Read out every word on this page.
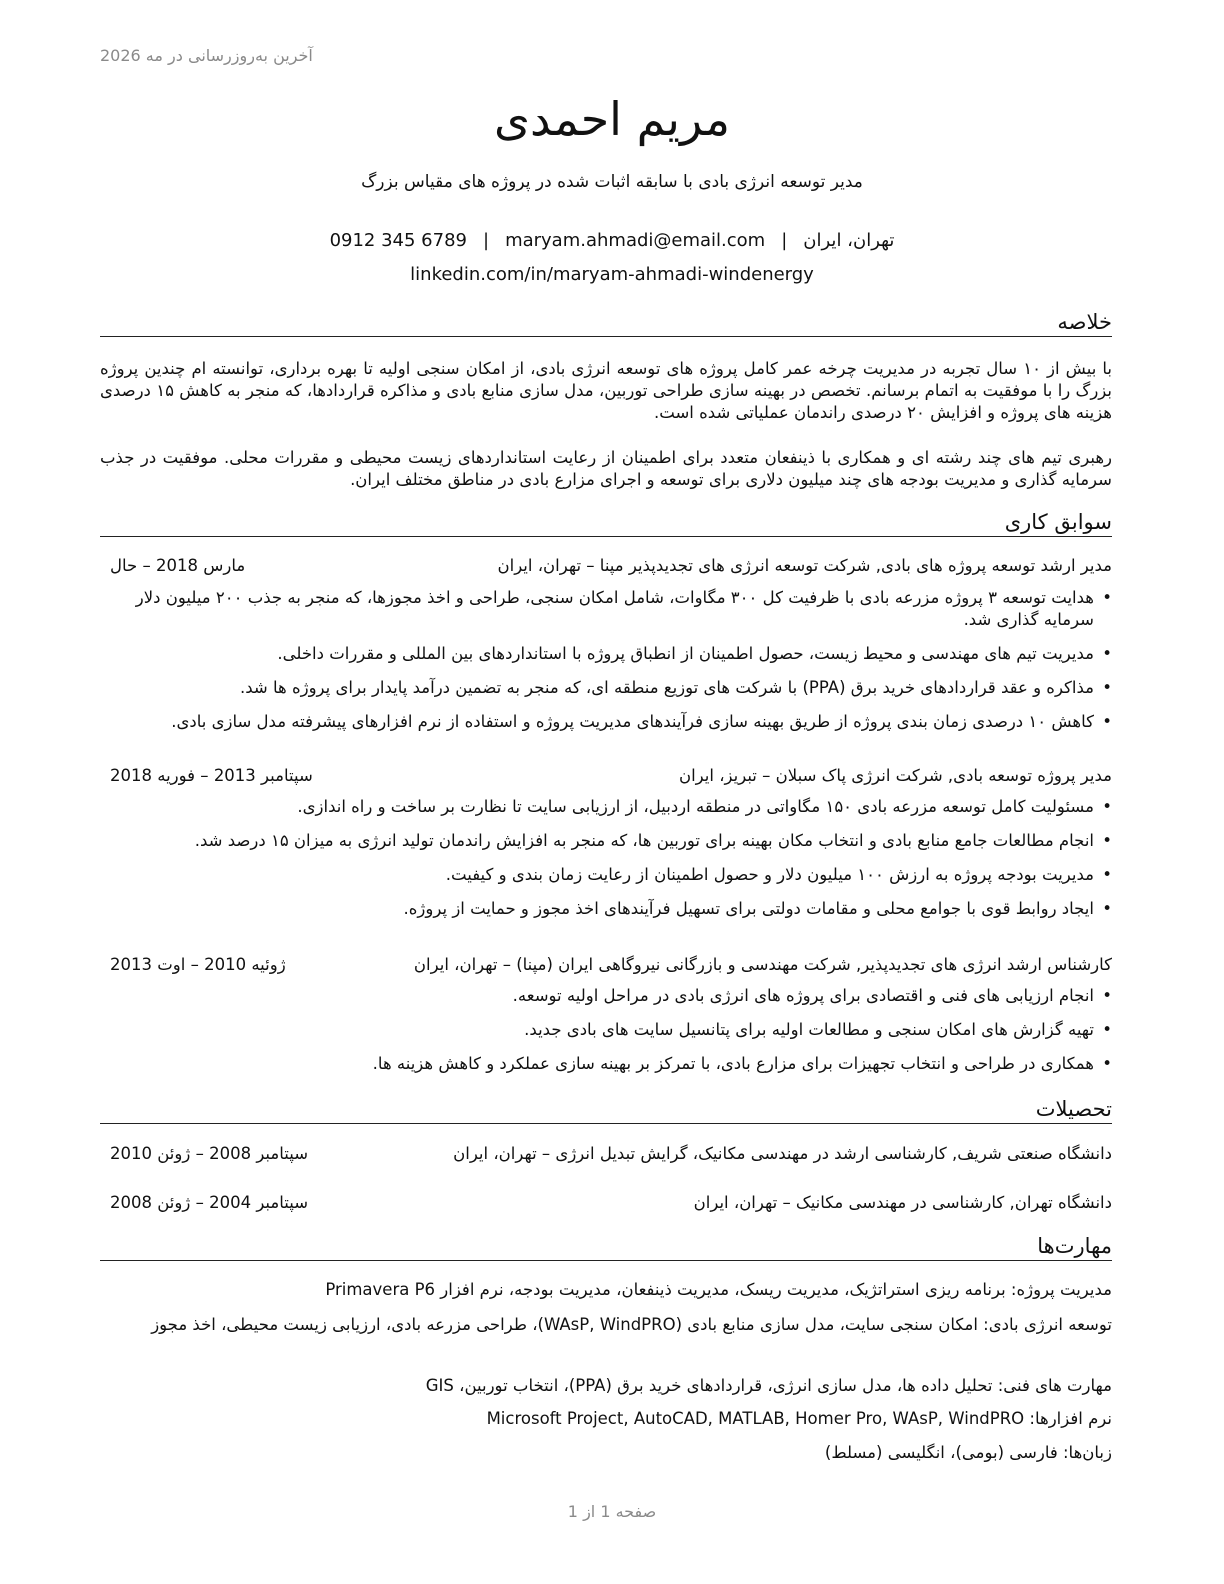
آخرین به‌روزرسانی در مه 2026
مریم احمدی
مدیر توسعه انرژی بادی با سابقه اثبات شده در پروژه های مقیاس بزرگ
تهران، ایران|maryam.ahmadi@email.com|0912 345 6789
linkedin.com/in/maryam-ahmadi-windenergy
خلاصه
با بیش از ۱۰ سال تجربه در مدیریت چرخه عمر کامل پروژه های توسعه انرژی بادی، از امکان سنجی اولیه تا بهره برداری، توانسته ام چندین پروژه بزرگ را با موفقیت به اتمام برسانم. تخصص در بهینه سازی طراحی توربین، مدل سازی منابع بادی و مذاکره قراردادها، که منجر به کاهش ۱۵ درصدی هزینه های پروژه و افزایش ۲۰ درصدی راندمان عملیاتی شده است.
رهبری تیم های چند رشته ای و همکاری با ذینفعان متعدد برای اطمینان از رعایت استانداردهای زیست محیطی و مقررات محلی. موفقیت در جذب سرمایه گذاری و مدیریت بودجه های چند میلیون دلاری برای توسعه و اجرای مزارع بادی در مناطق مختلف ایران.
سوابق کاری
مدیر ارشد توسعه پروژه های بادی, شرکت توسعه انرژی های تجدیدپذیر مپنا – تهران، ایران
مارس 2018 – حال
• هدایت توسعه ۳ پروژه مزرعه بادی با ظرفیت کل ۳۰۰ مگاوات، شامل امکان سنجی، طراحی و اخذ مجوزها، که منجر به جذب ۲۰۰ میلیون دلار سرمایه گذاری شد.
• مدیریت تیم های مهندسی و محیط زیست، حصول اطمینان از انطباق پروژه با استانداردهای بین المللی و مقررات داخلی.
• مذاکره و عقد قراردادهای خرید برق (PPA) با شرکت های توزیع منطقه ای، که منجر به تضمین درآمد پایدار برای پروژه ها شد.
• کاهش ۱۰ درصدی زمان بندی پروژه از طریق بهینه سازی فرآیندهای مدیریت پروژه و استفاده از نرم افزارهای پیشرفته مدل سازی بادی.
مدیر پروژه توسعه بادی, شرکت انرژی پاک سبلان – تبریز، ایران
سپتامبر 2013 – فوریه 2018
• مسئولیت کامل توسعه مزرعه بادی ۱۵۰ مگاواتی در منطقه اردبیل، از ارزیابی سایت تا نظارت بر ساخت و راه اندازی.
• انجام مطالعات جامع منابع بادی و انتخاب مکان بهینه برای توربین ها، که منجر به افزایش راندمان تولید انرژی به میزان ۱۵ درصد شد.
• مدیریت بودجه پروژه به ارزش ۱۰۰ میلیون دلار و حصول اطمینان از رعایت زمان بندی و کیفیت.
• ایجاد روابط قوی با جوامع محلی و مقامات دولتی برای تسهیل فرآیندهای اخذ مجوز و حمایت از پروژه.
کارشناس ارشد انرژی های تجدیدپذیر, شرکت مهندسی و بازرگانی نیروگاهی ایران (مپنا) – تهران، ایران
ژوئیه 2010 – اوت 2013
• انجام ارزیابی های فنی و اقتصادی برای پروژه های انرژی بادی در مراحل اولیه توسعه.
• تهیه گزارش های امکان سنجی و مطالعات اولیه برای پتانسیل سایت های بادی جدید.
• همکاری در طراحی و انتخاب تجهیزات برای مزارع بادی، با تمرکز بر بهینه سازی عملکرد و کاهش هزینه ها.
تحصیلات
دانشگاه صنعتی شریف, کارشناسی ارشد در مهندسی مکانیک، گرایش تبدیل انرژی – تهران، ایران
سپتامبر 2008 – ژوئن 2010
دانشگاه تهران, کارشناسی در مهندسی مکانیک – تهران، ایران
سپتامبر 2004 – ژوئن 2008
مهارت‌ها
مدیریت پروژه: برنامه ریزی استراتژیک، مدیریت ریسک، مدیریت ذینفعان، مدیریت بودجه، نرم افزار Primavera P6
توسعه انرژی بادی: امکان سنجی سایت، مدل سازی منابع بادی (WAsP, WindPRO)، طراحی مزرعه بادی، ارزیابی زیست محیطی، اخذ مجوز
مهارت های فنی: تحلیل داده ها، مدل سازی انرژی، قراردادهای خرید برق (PPA)، انتخاب توربین، GIS
نرم افزارها: Microsoft Project, AutoCAD, MATLAB, Homer Pro, WAsP, WindPRO
زبان‌ها: فارسی (بومی)، انگلیسی (مسلط)
صفحه 1 از 1
